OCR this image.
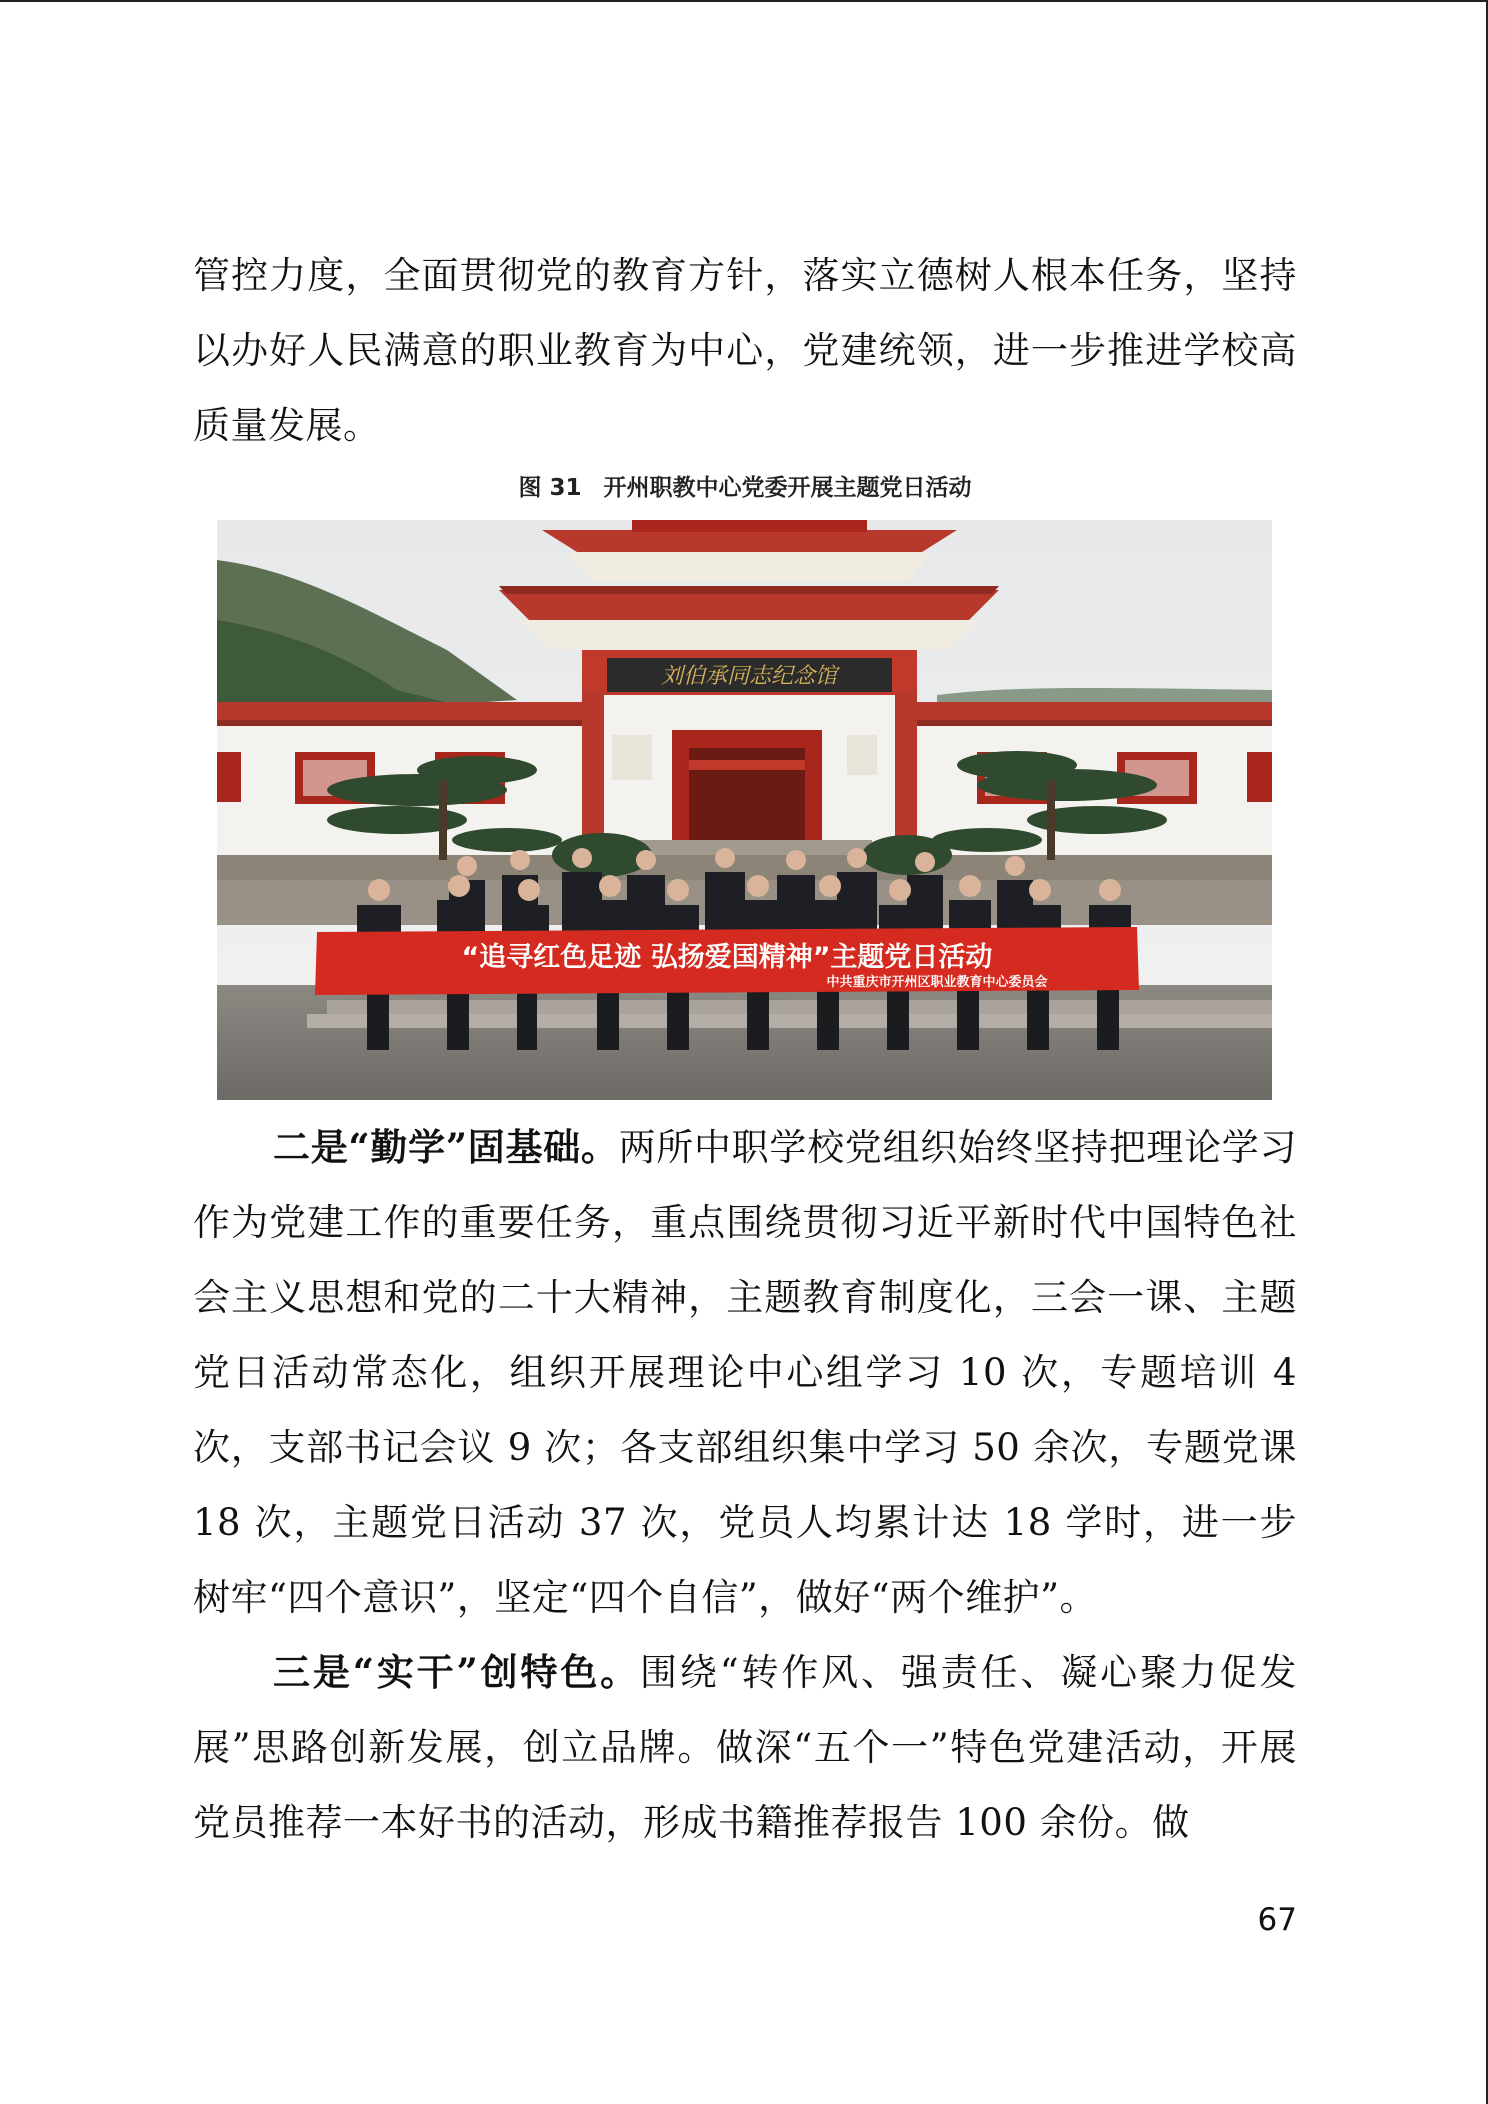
管控力度，全面贯彻党的教育方针，落实立德树人根本任务，坚持以办好人民满意的职业教育为中心，党建统领，进一步推进学校高质量发展。

图 31 开州职教中心党委开展主题党日活动
刘伯承同志纪念馆
“追寻红色足迹 弘扬爱国精神”主题党日活动
中共重庆市开州区职业教育中心委员会

二是“勤学”固基础。两所中职学校党组织始终坚持把理论学习作为党建工作的重要任务，重点围绕贯彻习近平新时代中国特色社会主义思想和党的二十大精神，主题教育制度化，三会一课、主题党日活动常态化，组织开展理论中心组学习 10 次，专题培训 4 次，支部书记会议 9 次；各支部组织集中学习 50 余次，专题党课 18 次，主题党日活动 37 次，党员人均累计达 18 学时，进一步树牢“四个意识”，坚定“四个自信”，做好“两个维护”。

三是“实干”创特色。围绕“转作风、强责任、凝心聚力促发展”思路创新发展，创立品牌。做深“五个一”特色党建活动，开展党员推荐一本好书的活动，形成书籍推荐报告 100 余份。做

67
